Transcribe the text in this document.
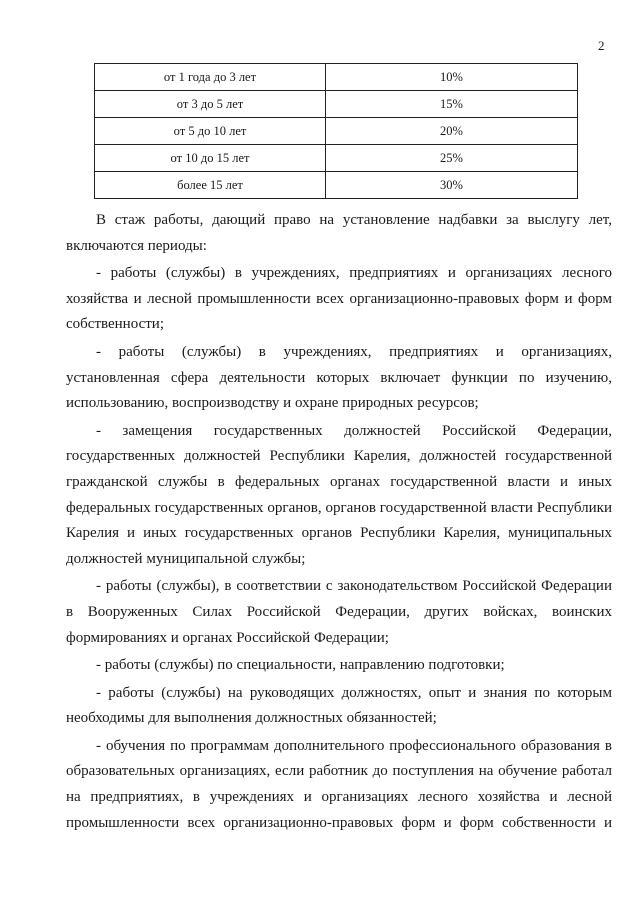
2
от 1 года до 3 лет	10%
от 3 до 5 лет	15%
от 5 до 10 лет	20%
от 10 до 15 лет	25%
более 15 лет	30%

В стаж работы, дающий право на установление надбавки за выслугу лет, включаются периоды:

- работы (службы) в учреждениях, предприятиях и организациях лесного хозяйства и лесной промышленности всех организационно-правовых форм и форм собственности;

- работы (службы) в учреждениях, предприятиях и организациях, установленная сфера деятельности которых включает функции по изучению, использованию, воспроизводству и охране природных ресурсов;

- замещения государственных должностей Российской Федерации, государственных должностей Республики Карелия, должностей государственной гражданской службы в федеральных органах государственной власти и иных федеральных государственных органов, органов государственной власти Республики Карелия и иных государственных органов Республики Карелия, муниципальных должностей муниципальной службы;

- работы (службы), в соответствии с законодательством Российской Федерации в Вооруженных Силах Российской Федерации, других войсках, воинских формированиях и органах Российской Федерации;

- работы (службы) по специальности, направлению подготовки;

- работы (службы) на руководящих должностях, опыт и знания по которым необходимы для выполнения должностных обязанностей;

- обучения по программам дополнительного профессионального образования в образовательных организациях, если работник до поступления на обучение работал на предприятиях, в учреждениях и организациях лесного хозяйства и лесной промышленности всех организационно-правовых форм и форм собственности и
